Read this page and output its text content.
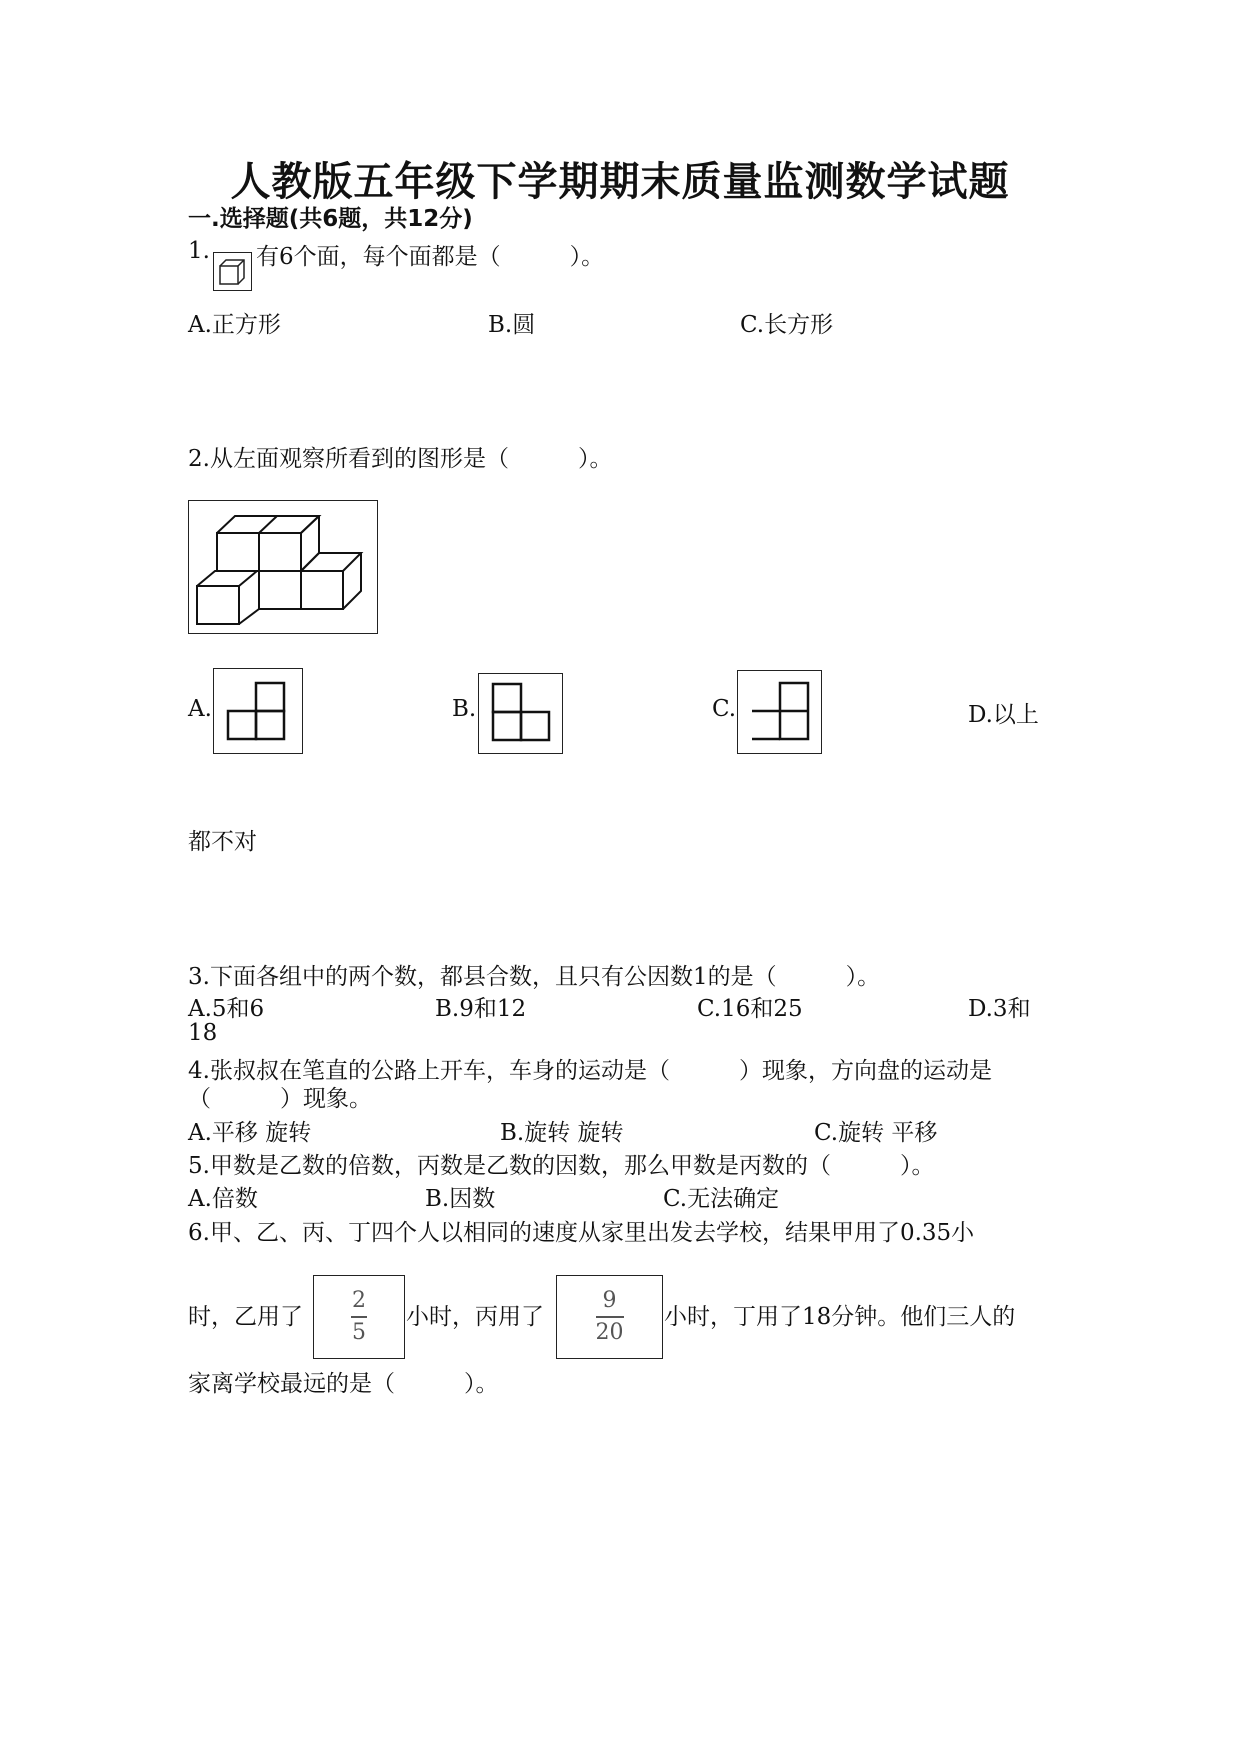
人教版五年级下学期期末质量监测数学试题
一.选择题(共6题，共12分)
1. 有6个面，每个面都是（　　　）。
A.正方形	B.圆	C.长方形
2.从左面观察所看到的图形是（　　　）。
A.	B.	C.	D.以上
都不对
3.下面各组中的两个数，都县合数，且只有公因数1的是（　　　）。
A.5和6	B.9和12	C.16和25	D.3和
18
4.张叔叔在笔直的公路上开车，车身的运动是（　　　）现象，方向盘的运动是
（　　　）现象。
A.平移 旋转	B.旋转 旋转	C.旋转 平移
5.甲数是乙数的倍数，丙数是乙数的因数，那么甲数是丙数的（　　　）。
A.倍数	B.因数	C.无法确定
6.甲、乙、丙、丁四个人以相同的速度从家里出发去学校，结果甲用了0.35小
时，乙用了
2
5
小时，丙用了
9
20
小时，丁用了18分钟。他们三人的
家离学校最远的是（　　　）。
